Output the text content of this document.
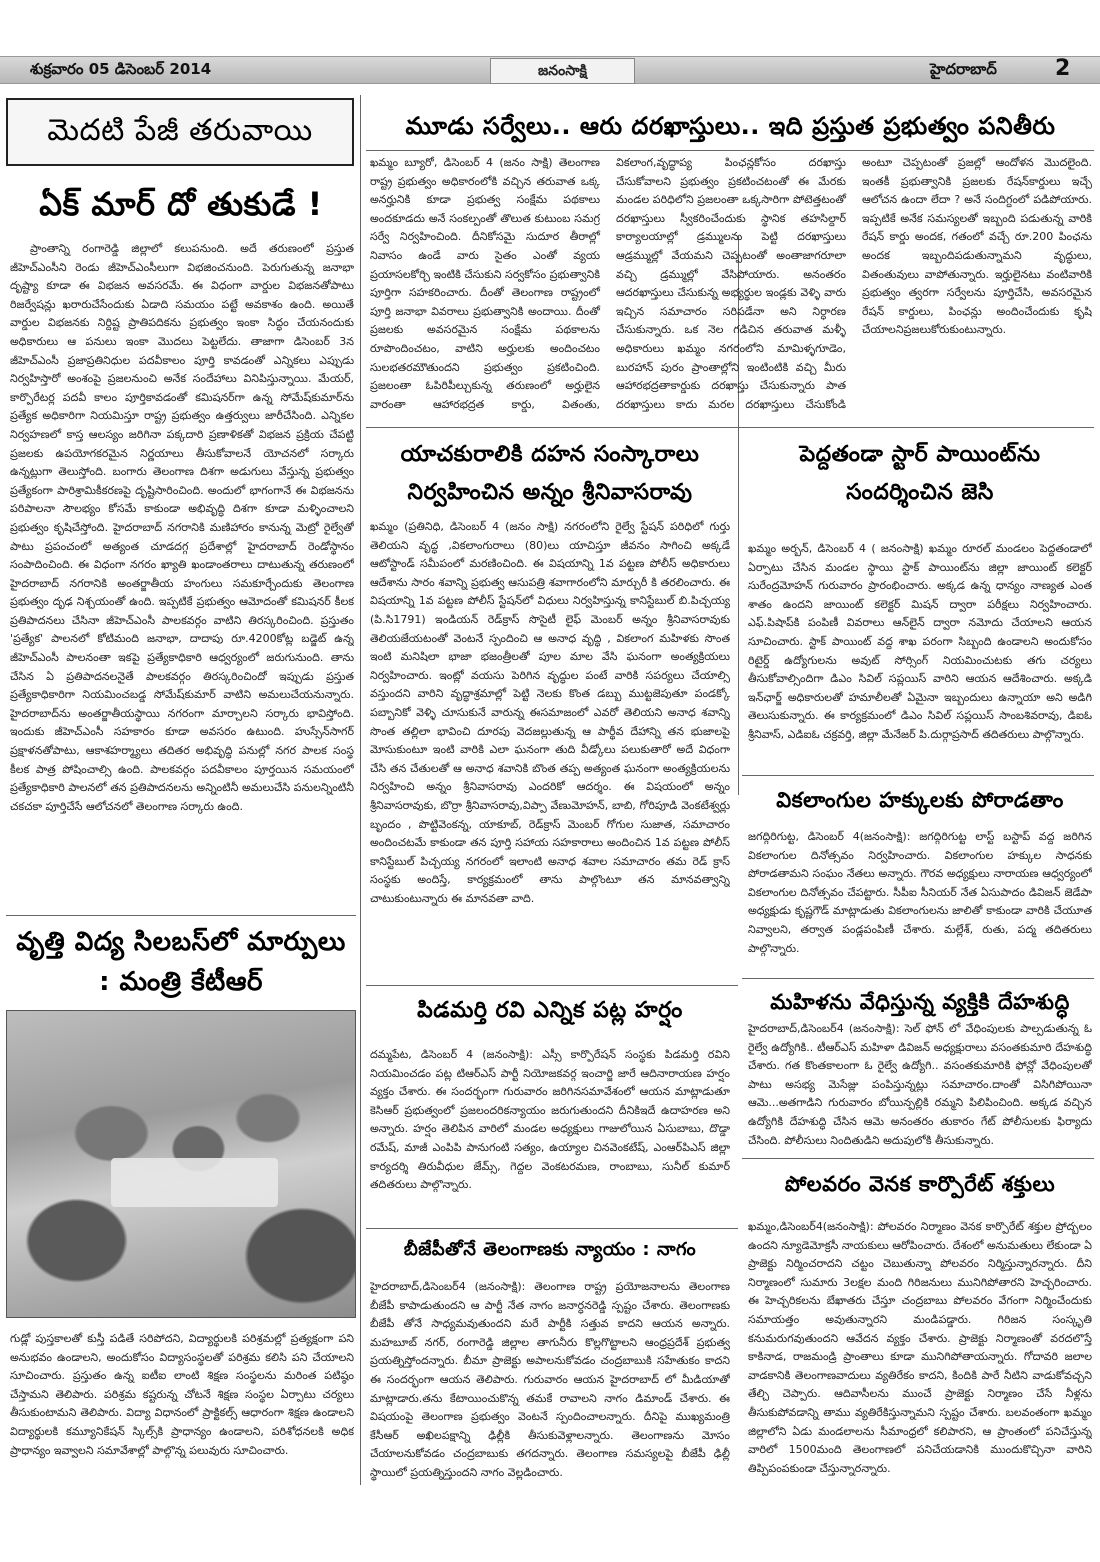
శుక్రవారం 05 డిసెంబర్ 2014	జనంసాక్షి	హైదరాబాద్	2
మెదటి పేజీ తరువాయి
ఏక్ మార్ దో తుకుడే !
ప్రాంతాన్ని రంగారెడ్డి జిల్లాలో కలుపనుంది. అదే తరుణంలో ప్రస్తుత జీహెచ్ఎంసీని రెండు జీహెచ్ఎంసీలుగా విభజించనుంది. పెరుగుతున్న జనాభా దృష్ట్యా కూడా ఈ విభజన అవసరమే. ఈ విధంగా వార్డుల విభజనతోపాటు రిజర్వేషన్లు ఖరారుచేసేందుకు ఏడాది సమయం పట్టే అవకాశం ఉంది. అయితే వార్డుల విభజనకు నిర్దిష్ట ప్రాతిపదికను ప్రభుత్వం ఇంకా సిద్ధం చేయనందుకు అధికారులు ఆ పనులు ఇంకా మొదలు పెట్టలేదు. తాజాగా డిసెంబర్ 3న జీహెచ్ఎంసీ ప్రజాప్రతినిధుల పదవీకాలం పూర్తి కావడంతో ఎన్నికలు ఎప్పుడు నిర్వహిస్తారో అంశంపై ప్రజలనుంచి అనేక సందేహాలు వినిపిస్తున్నాయి. మేయర్, కార్పొరేటర్ల పదవీ కాలం పూర్తికావడంతో కమిషనర్‌గా ఉన్న సోమేష్‌కుమార్‌ను ప్రత్యేక అధికారిగా నియమిస్తూ రాష్ట్ర ప్రభుత్వం ఉత్తర్వులు జారీచేసింది. ఎన్నికల నిర్వహణలో కాస్త ఆలస్యం జరిగినా పక్కదారి ప్రణాళికతో విభజన ప్రక్రియ చేపట్టి ప్రజలకు ఉపయోగకరమైన నిర్ణయాలు తీసుకోవాలనే యోచనలో సర్కారు ఉన్నట్లుగా తెలుస్తోంది. బంగారు తెలంగాణ దిశగా అడుగులు వేస్తున్న ప్రభుత్వం ప్రత్యేకంగా పారిశ్రామికీకరణపై దృష్టిసారించింది. అందులో భాగంగానే ఈ విభజనను పరిపాలనా సౌలభ్యం కోసమే కాకుండా అభివృద్ధి దిశగా కూడా మళ్ళించాలని ప్రభుత్వం కృషిచేస్తోంది. హైదరాబాద్ నగరానికి మణిహారం కానున్న మెట్రో రైల్వేతో పాటు ప్రపంచంలో అత్యంత చూడదగ్గ ప్రదేశాల్లో హైదరాబాద్ రెండోస్థానం సంపాదించింది. ఈ విధంగా నగరం ఖ్యాతి ఖండాంతరాలు దాటుతున్న తరుణంలో హైదరాబాద్ నగరానికి అంతర్జాతీయ హంగులు సమకూర్చేందుకు తెలంగాణ ప్రభుత్వం దృఢ నిశ్చయంతో ఉంది. ఇప్పటికే ప్రభుత్వం ఆమోదంతో కమిషనర్ కీలక ప్రతిపాదనలు చేసినా జీహెచ్ఎంసీ పాలకవర్గం వాటిని తిరస్కరించింది. ప్రస్తుతం 'ప్రత్యేక' పాలనలో కోటిమంది జనాభా, దాదాపు రూ.4200కోట్ల బడ్జెట్ ఉన్న జీహెచ్ఎంసీ పాలనంతా ఇకపై ప్రత్యేకాధికారి ఆధ్వర్యంలో జరుగునుంది. తాను చేసిన ఏ ప్రతిపాదనలనైతే పాలకవర్గం తిరస్కరించిందో ఇప్పుడు ప్రస్తుత ప్రత్యేకాధికారిగా నియమించబడ్డ సోమేష్‌కుమార్ వాటిని అమలుచేయనున్నారు. హైదరాబాద్‌ను అంతర్జాతీయస్థాయి నగరంగా మార్చాలని సర్కారు భావిస్తోంది. ఇందుకు జీహెచ్ఎంసీ సహకారం కూడా అవసరం ఉటుంది. హుస్సేన్‌సాగర్ ప్రక్షాళనతోపాటు, ఆకాశహర్మ్యాలు తదితర అభివృద్ధి పనుల్లో నగర పాలక సంస్థ కీలక పాత్ర పోషించాల్సి ఉంది. పాలకవర్గం పదవీకాలం పూర్తయిన సమయంలో ప్రత్యేకాధికారి పాలనలో తన ప్రతిపాదనలను అన్నింటినీ అమలుచేసి పనులన్నింటినీ చకచకా పూర్తిచేసే ఆలోచనలో తెలంగాణ సర్కారు ఉంది.
వృత్తి విద్య సిలబస్‌లో మార్పులు
: మంత్రి కేటీఆర్
గుడ్లో పుస్తకాలతో కుస్తీ పడితే సరిపోదని, విద్యార్థులకి పరిశ్రమల్లో ప్రత్యక్షంగా పని అనుభవం ఉండాలని, అందుకోసం విద్యాసంస్థలతో పరిశ్రమ కలిసి పని చేయాలని సూచించారు. ప్రస్తుతం ఉన్న ఐటీఐ లాంటి శిక్షణ సంస్థలను మరింత పటిష్ఠం చేస్తామని తెలిపారు. పరిశ్రమ కష్టరున్న చోటనే శిక్షణ సంస్థల ఏర్పాటు చర్యలు తీసుకుంటామని తెలిపారు. విద్యా విధానంలో ప్రాక్టికల్స్ ఆధారంగా శిక్షణ ఉండాలని విద్యార్థులకి కమ్యూనికేషన్ స్కిల్స్‌కి ప్రాధాన్యం ఉండాలని, పరిశోధనలకి అధిక ప్రాధాన్యం ఇవ్వాలని సమావేశాల్లో పాల్గొన్న పలువురు సూచించారు.
మూడు సర్వేలు.. ఆరు దరఖాస్తులు.. ఇది ప్రస్తుత ప్రభుత్వం పనితీరు
ఖమ్మం బ్యూరో, డిసెంబర్ 4 (జనం సాక్షి) తెలంగాణ రాష్ట్ర ప్రభుత్వం అధికారంలోకి వచ్చిన తరువాత ఒక్క అనర్హునికి కూడా ప్రభుత్వ సంక్షేమ పథకాలు అందకూడదు అనే సంకల్పంతో తొలుత కుటుంబ సమగ్ర సర్వే నిర్వహించింది. దీనికోసమై సుదూర తీరాల్లో నివాసం ఉండే వారు సైతం ఎంతో వ్యయ ప్రయాసలకోర్చి ఇంటికి చేసుకుని సర్వకోసం ప్రభుత్వానికి పూర్తిగా సహకరించారు. దీంతో తెలంగాణ రాష్ట్రంలో పూర్తి జనాభా వివరాలు ప్రభుత్వానికి అందాయి. దీంతో ప్రజలకు అవసరమైన సంక్షేమ పథకాలను రూపొందించటం, వాటిని అర్హులకు అందించటం సులభతరమౌతుందని ప్రభుత్వం ప్రకటించింది. ప్రజలంతా ఓపిరిపీల్చుకున్న తరుణంలో అర్హులైన వారంతా ఆహారభద్రత కార్డు, వితంతు, వికలాంగ,వృద్ధాప్య పింఛన్లకోసం దరఖాస్తు చేసుకోవాలని ప్రభుత్వం ప్రకటించటంతో ఈ మేరకు మండల పరిధిలోని ప్రజలంతా ఒక్కసారిగా పోటెత్తటంతో దరఖాస్తులు స్వీకరించేందుకు స్థానిక తహసిల్దార్ కార్యాలయాల్లో డ్రమ్ములను పెట్టి దరఖాస్తులు ఆడ్రమ్ముల్లో వేయమని చెప్పటంతో అంతాజాగరూలా వచ్చి డ్రమ్ముల్లో వేసిపోయారు. అనంతరం ఆదరఖాస్తులు చేసుకున్న అభ్యర్థుల ఇండ్లకు వెళ్ళి వారు ఇచ్చిన సమాచారం సరిపడేనా అని నిర్ధారణ చేసుకున్నారు. ఒక నెల గడిచిన తరువాత మళ్ళీ అధికారులు ఖమ్మం నగరంలోని మామిళ్ళగూడెం, బురహాన్ పురం ప్రాంతాల్లోని ఇంటింటికి వచ్చి మీరు ఆహారభద్రతాకార్డుకు దరఖాస్తు చేసుకున్నారు పాత దరఖాస్తులు కాదు మరల దరఖాస్తులు చేసుకోండి అంటూ చెప్పటంతో ప్రజల్లో ఆందోళన మొదలైంది. ఇంతకీ ప్రభుత్వానికి ప్రజలకు రేషన్‌కార్డులు ఇచ్చే ఆలోచన ఉందా లేదా ? అనే సందిగ్దంలో పడిపోయారు. ఇప్పటికే అనేక సమస్యలతో ఇబ్బంది పడుతున్న వారికి రేషన్ కార్డు అందక, గతంలో వచ్చే రూ.200 పింఛను అందక ఇబ్బందిపడుతున్నామని వృద్ధులు, వితంతువులు వాపోతున్నారు. ఇర్హులైనటు వంటివారికి ప్రభుత్వం త్వరగా సర్వేలను పూర్తిచేసి, అవసరమైన రేషన్ కార్డులు, పింఛన్లు అందించేందుకు కృషి చేయాలనిప్రజలుకోరుకుంటున్నారు.
యాచకురాలికి దహన సంస్కారాలు
నిర్వహించిన అన్నం శ్రీనివాసరావు
ఖమ్మం (ప్రతినిధి, డిసెంబర్ 4 (జనం సాక్షి) నగరంలోని రైల్వే స్టేషన్ పరిధిలో గుర్తు తెలియని వృద్ధ ,వికలాంగురాలు (80)లు యాచిస్తూ జీవనం సాగించి అక్కడే ఆటోస్టాండ్ సమీపంలో మరణించింది. ఈ విషయాన్ని 1వ పట్టణ పోలీస్ అధికారులు ఆదేశాను సారం శవాన్ని ప్రభుత్వ ఆసుపత్రి శవాగారంలోని మార్చురీ కి తరలించారు. ఈ విషయాన్ని 1వ పట్టణ పోలీస్ స్టేషన్‌లో విధులు నిర్వహిస్తున్న కానిస్టేబుల్ బి.పిచ్చయ్య (పి.సి1791) ఇండియన్ రెడ్‌క్రాస్ సొసైటీ లైఫ్ మెంబర్ అన్నం శ్రీనివాసరావుకు తెలియజేయటంతో వెంటనే స్పందించి ఆ అనాధ వృద్ధి , వికలాంగ మహిళకు సొంత ఇంటి మనిషిలా భాజా భజంత్రీలతో పూల మాల వేసి ఘనంగా అంత్యక్రియలు నిర్వహించారు. ఇంట్లో వయసు పెరిగిన వృద్ధుల పంటే వారికి సపర్యలు చేయాల్సి వస్తుందని వారిని వృద్ధాశ్రమాల్లో పెట్టి నెలకు కొంత డబ్బు ముట్టజెపుతూ పండక్కో పబ్బానికో వెళ్ళి చూసుకునే వారున్న ఈసమాజంలో ఎవరో తెలియని అనాధ శవాన్ని సొంత తల్లిలా భావించి దూరపు వెదజల్లుతున్న ఆ పార్థీవ దేహాన్ని తన భుజాలపై మోసుకుంటూ ఇంటి వారికి ఎలా ఘనంగా తుది వీడ్కోలు పలుకుతారో అదే విధంగా చేసి తన చేతులతో ఆ అనాధ శవానికి బొంత తప్ప అత్యంత ఘనంగా అంత్యక్రియలను నిర్వహించి అన్నం శ్రీనివాసరావు ఎందరికో ఆదర్శం. ఈ విషయంలో అన్నం శ్రీనివాసరావుకు, బొర్రా శ్రీనివాసరావు,విప్పా వేణుమోహన్, బాబి, గోరిపూడి వెంకటేశ్వర్లు బృందం , పొట్టివెంకన్న, యాకూబ్, రెడ్‌క్రాస్ మెంబర్ గోగుల సుజాత, సమాచారం అందించటమే కాకుండా తన పూర్తి సహాయ సహకారాలు అందించిన 1వ పట్టణ పోలీస్ కానిస్టేబుల్ పిచ్చయ్య నగరంలో ఇలాంటి అనాధ శవాల సమాచారం తమ రెడ్ క్రాస్ సంస్థకు అందిస్తే, కార్యక్రమంలో తాను పాల్గొంటూ తన మానవత్వాన్ని చాటుకుంటున్నారు ఈ మానవతా వాది.
పెద్దతండా స్టార్ పాయింట్‌ను
సందర్శించిన జెసి
ఖమ్మం అర్బన్, డిసెంబర్ 4 ( జనంసాక్షి) ఖమ్మం రూరల్ మండలం పెద్దతండాలో ఏర్పాటు చేసిన మండల స్థాయి స్టాక్ పాయింట్‌ను జిల్లా జాయింట్ కలెక్టర్ సురేంద్రమోహన్ గురువారం ప్రారంభించారు. అక్కడ ఉన్న ధాన్యం నాణ్యత ఎంత శాతం ఉందని జాయింట్ కలెక్టర్ మిషన్ ద్వారా పరీక్షలు నిర్వహించారు. ఎఫ్.పిషాప్‌కి పంపిణీ వివరాలు ఆన్‌లైన్ ద్వారా నమోదు చేయాలని ఆయన సూచించారు. స్టాక్ పాయింట్ వద్ద శాఖ పరంగా సిబ్బంది ఉండాలని అందుకోసం రిటైర్డ్ ఉద్యోగులను అవుట్ సోర్సింగ్ నియమించుటకు తగు చర్యలు తీసుకోవాల్సిందిగా డిఎం సివిల్ సప్లయిస్ వారిని ఆయన ఆదేశించారు. అక్కడి ఇన్‌ఛార్జ్ అధికారులతో హమాలీలతో ఏమైనా ఇబ్బందులు ఉన్నాయా అని అడిగి తెలుసుకున్నారు. ఈ కార్యక్రమంలో డిఎం సివిల్ సప్లయిస్ సాంబశివరావు, డిఐఓ శ్రీనివాస్, ఎడిఐఓ చక్రవర్తి, జిల్లా మేనేజర్ పి.దుర్గాప్రసాద్ తదితరులు పాల్గొన్నారు.
వికలాంగుల హక్కులకు పోరాడతాం
జగద్గిరిగుట్ట, డిసెంబర్ 4(జనంసాక్షి): జగద్గిరిగుట్ట లాస్ట్ బస్టాప్ వద్ద జరిగిన వికలాంగుల దినోత్సవం నిర్వహించారు. వికలాంగుల హక్కుల సాధనకు పోరాడతామని సంఘం నేతలు అన్నారు. గౌరవ అధ్యక్షులు నారాయణ ఆధ్వర్యంలో వికలాంగుల దినోత్సవం చేపట్టారు. సీపీఐ సీనియర్ నేత ఏసుపాదం డివిజన్ జెడేపా అధ్యక్షుడు కృష్ణగౌడ్ మాట్లాడుతు వికలాంగులను జాలితో కాకుండా వారికి చేయూత నివ్వాలని, తర్వాత పండ్లపంపిణీ చేశారు. మల్లేశ్, రుతు, పద్మ తదితరులు పాల్గొన్నారు.
మహిళను వేధిస్తున్న వ్యక్తికి దేహశుద్ధి
హైదరాబాద్,డిసెంబర్4 (జనంసాక్షి): సెల్ ఫోన్ లో వేధింపులకు పాల్పడుతున్న ఓ రైల్వే ఉద్యోగికి.. టీఆర్ఎస్ మహిళా డివిజన్ అధ్యక్షురాలు వసంతకుమారి దేహశుద్ధి చేశారు. గత కొంతకాలంగా ఓ రైల్వే ఉద్యోగి.. వసంతకుమారికి ఫోన్లో వేధింపులతో పాటు అసభ్య మెసేజ్లు పంపిస్తున్నట్లు సమాచారం.దాంతో విసిగిపోయినా ఆమె...అతగాడిని గురువారం బోయిన్పల్లికి రమ్మని పిలిపించింది. అక్కడ వచ్చిన ఉద్యోగికి దేహశుద్ధి చేసిన ఆమె అనంతరం తుకారం గేట్ పోలీసులకు ఫిర్యాదు చేసింది. పోలీసులు నిందితుడిని అదుపులోకి తీసుకున్నారు.
పోలవరం వెనక కార్పొరేట్ శక్తులు
ఖమ్మం,డిసెంబర్4(జనంసాక్షి): పోలవరం నిర్మాణం వెనక కార్పొరేట్ శక్తుల ప్రోద్బలం ఉందని న్యూడెమోక్రసీ నాయకులు ఆరోపించారు. దేశంలో అనుమతులు లేకుండా ఏ ప్రాజెక్టు నిర్మించరాదని చట్టం చెబుతున్నా పోలవరం నిర్మిస్తున్నారన్నారు. దీని నిర్మాణంలో సుమారు 3లక్షల మంది గిరిజనులు మునిగిపోతారని హెచ్చరించారు. ఈ హెచ్చరికలను బేఖాతరు చేస్తూ చంద్రబాబు పోలవరం వేగంగా నిర్మించేందుకు సమాయత్తం అవుతున్నారని మండిపడ్డారు. గిరిజన సంస్కృతి కనుమరుగవుతుందని ఆవేదన వ్యక్తం చేశారు. ప్రాజెక్టు నిర్మాణంతో వరదలొస్తే కాకినాడ, రాజమండ్రి ప్రాంతాలు కూడా మునిగిపోతాయన్నారు. గోదావరి జలాల వాడకానికి తెలంగాణవాదులు వ్యతిరేకం కాదని, కిందికి పారే నీటిని వాడుకోవచ్చని తేల్చి చెప్పారు. ఆదివాసీలను ముంచే ప్రాజెక్టు నిర్మాణం చేసే నీళ్లను తీసుకుపోవడాన్ని తాము వ్యతిరేకిస్తున్నామని స్పష్టం చేశారు. బలవంతంగా ఖమ్మం జిల్లాలోని ఏడు మండలాలను సీమాంధ్రలో కలిపారని, ఆ ప్రాంతంలో పనిచేస్తున్న వారిలో 1500మంది తెలంగాణలో పనిచేయడానికి ముందుకొచ్చినా వారిని తిప్పిపంపకుండా చేస్తున్నారన్నారు.
పిడమర్తి రవి ఎన్నిక పట్ల హర్షం
దమ్మపేట, డిసెంబర్ 4 (జనంసాక్షి): ఎస్సీ కార్పొరేషన్ సంస్థకు పిడమర్తి రవిని నియమించడం పట్ల టిఆర్ఎస్ పార్టీ నియోజకవర్గ ఇంచార్జి జారే ఆదినారాయణ హర్షం వ్యక్తం చేశారు. ఈ సందర్భంగా గురువారం జరిగినసమావేశంలో ఆయన మాట్లాడుతూ కెసిఆర్ ప్రభుత్వంలో ప్రజలందరికన్యాయం జరుగుతుందని దీనికిఇదే ఉదాహరణ అని అన్నారు. హర్షం తెలిపిన వారిలో మండల అధ్యక్షులు గాజులోయిన ఏసుబాబు, దొడ్డా రమేష్, మాజీ ఎంపిపి పానుగంటి సత్యం, ఉయ్యాల చినవెంకటేష్, ఎంఆర్‌పిఎస్ జిల్లా కార్యదర్శి తిరువీధుల జేమ్స్, గెద్దల వెంకటరమణ, రాంబాబు, సునీల్ కుమార్ తదితరులు పాల్గొన్నారు.
బీజేపీతోనే తెలంగాణకు న్యాయం : నాగం
హైదరాబాద్,డిసెంబర్4 (జనంసాక్షి): తెలంగాణ రాష్ట్ర ప్రయోజనాలను తెలంగాణ బీజేపీ కాపాడుతుందని ఆ పార్టీ నేత నాగం జనార్ధనరెడ్డి స్పష్టం చేశారు. తెలంగాణకు బీజేపీ తోనే సాధ్యమవుతుందని మరే పార్టీకి సత్తువ కాదని ఆయన అన్నారు. మహబూబ్ నగర్, రంగారెడ్డి జిల్లాల తాగునీరు కొల్లగొట్టాలని ఆంధ్రప్రదేశ్ ప్రభుత్వ ప్రయత్నిస్తోందన్నారు. బీమా ప్రాజెక్టు అపాలనుకోవడం చంద్రబాబుకి సహేతుకం కాదని ఈ సందర్భంగా ఆయన తెలిపారు. గురువారం ఆయన హైదరాబాద్ లో మీడియాతో మాట్లాడారు.తను కేటాయించుకొన్న తమకే రావాలని నాగం డిమాండ్ చేశారు. ఈ విషయంపై తెలంగాణ ప్రభుత్వం వెంటనే స్పందించాలన్నారు. దీనిపై ముఖ్యమంత్రి కేసీఆర్ అఖిలపక్షాన్ని ఢిల్లీకి తీసుకువెళ్లాలన్నారు. తెలంగాణను మోసం చేయాలనుకోవడం చంద్రబాబుకు తగదన్నారు. తెలంగాణ సమస్యలపై బీజేపీ ఢిల్లీ స్థాయిలో ప్రయత్నిస్తుందని నాగం వెల్లడించారు.
